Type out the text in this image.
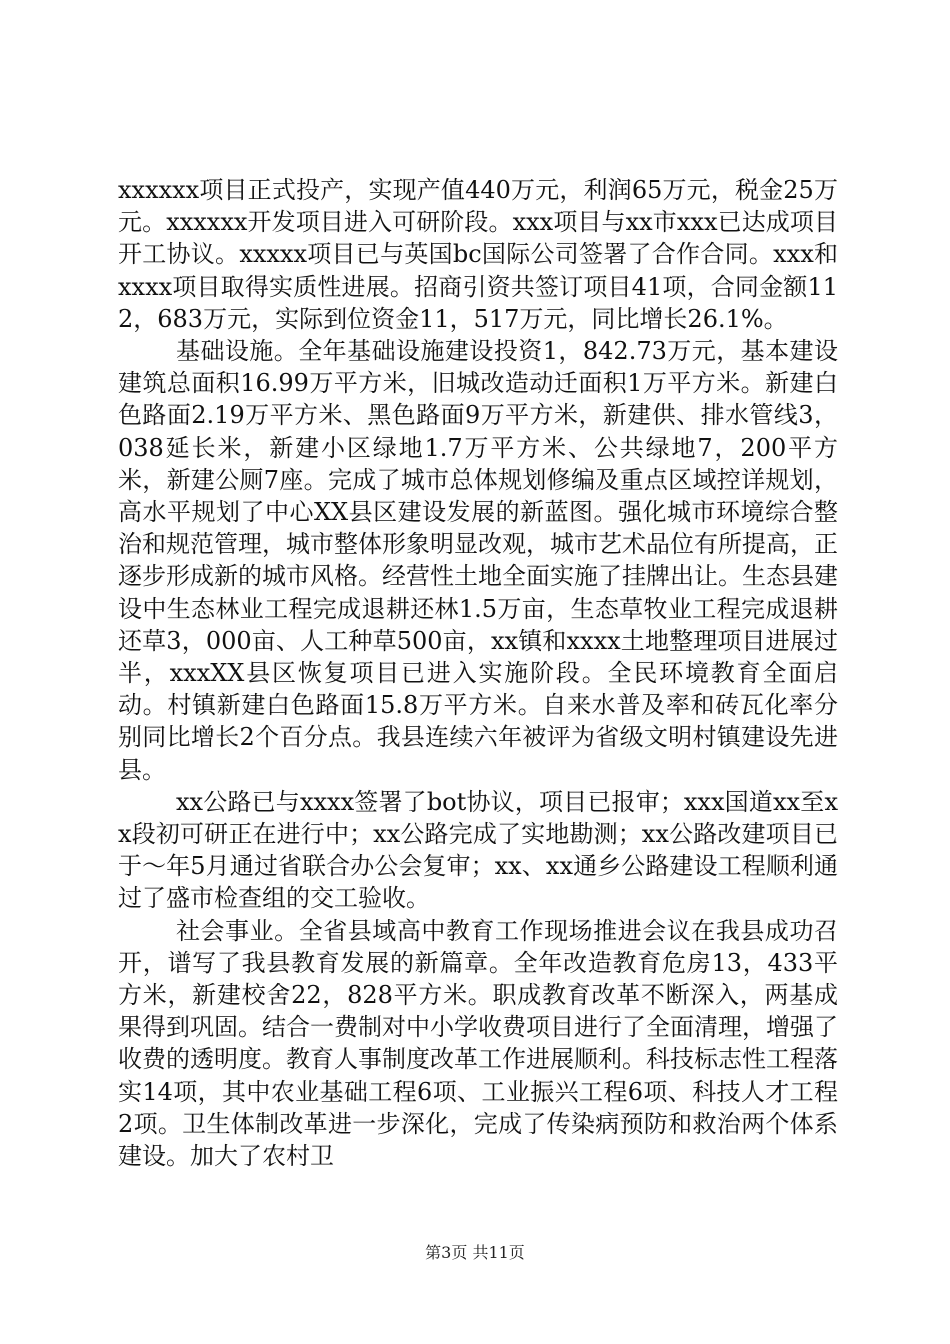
xxxxxx项目正式投产，实现产值440万元，利润65万元，税金25万元。xxxxxx开发项目进入可研阶段。xxx项目与xx市xxx已达成项目开工协议。xxxxx项目已与英国bc国际公司签署了合作合同。xxx和xxxx项目取得实质性进展。招商引资共签订项目41项，合同金额112，683万元，实际到位资金11，517万元，同比增长26.1%。

基础设施。全年基础设施建设投资1，842.73万元，基本建设建筑总面积16.99万平方米，旧城改造动迁面积1万平方米。新建白色路面2.19万平方米、黑色路面9万平方米，新建供、排水管线3，038延长米，新建小区绿地1.7万平方米、公共绿地7，200平方米，新建公厕7座。完成了城市总体规划修编及重点区域控详规划，高水平规划了中心XX县区建设发展的新蓝图。强化城市环境综合整治和规范管理，城市整体形象明显改观，城市艺术品位有所提高，正逐步形成新的城市风格。经营性土地全面实施了挂牌出让。生态县建设中生态林业工程完成退耕还林1.5万亩，生态草牧业工程完成退耕还草3，000亩、人工种草500亩，xx镇和xxxx土地整理项目进展过半，xxxXX县区恢复项目已进入实施阶段。全民环境教育全面启动。村镇新建白色路面15.8万平方米。自来水普及率和砖瓦化率分别同比增长2个百分点。我县连续六年被评为省级文明村镇建设先进县。

xx公路已与xxxx签署了bot协议，项目已报审；xxx国道xx至xx段初可研正在进行中；xx公路完成了实地勘测；xx公路改建项目已于～年5月通过省联合办公会复审；xx、xx通乡公路建设工程顺利通过了盛市检查组的交工验收。

社会事业。全省县域高中教育工作现场推进会议在我县成功召开，谱写了我县教育发展的新篇章。全年改造教育危房13，433平方米，新建校舍22，828平方米。职成教育改革不断深入，两基成果得到巩固。结合一费制对中小学收费项目进行了全面清理，增强了收费的透明度。教育人事制度改革工作进展顺利。科技标志性工程落实14项，其中农业基础工程6项、工业振兴工程6项、科技人才工程2项。卫生体制改革进一步深化，完成了传染病预防和救治两个体系建设。加大了农村卫

第3页 共11页
